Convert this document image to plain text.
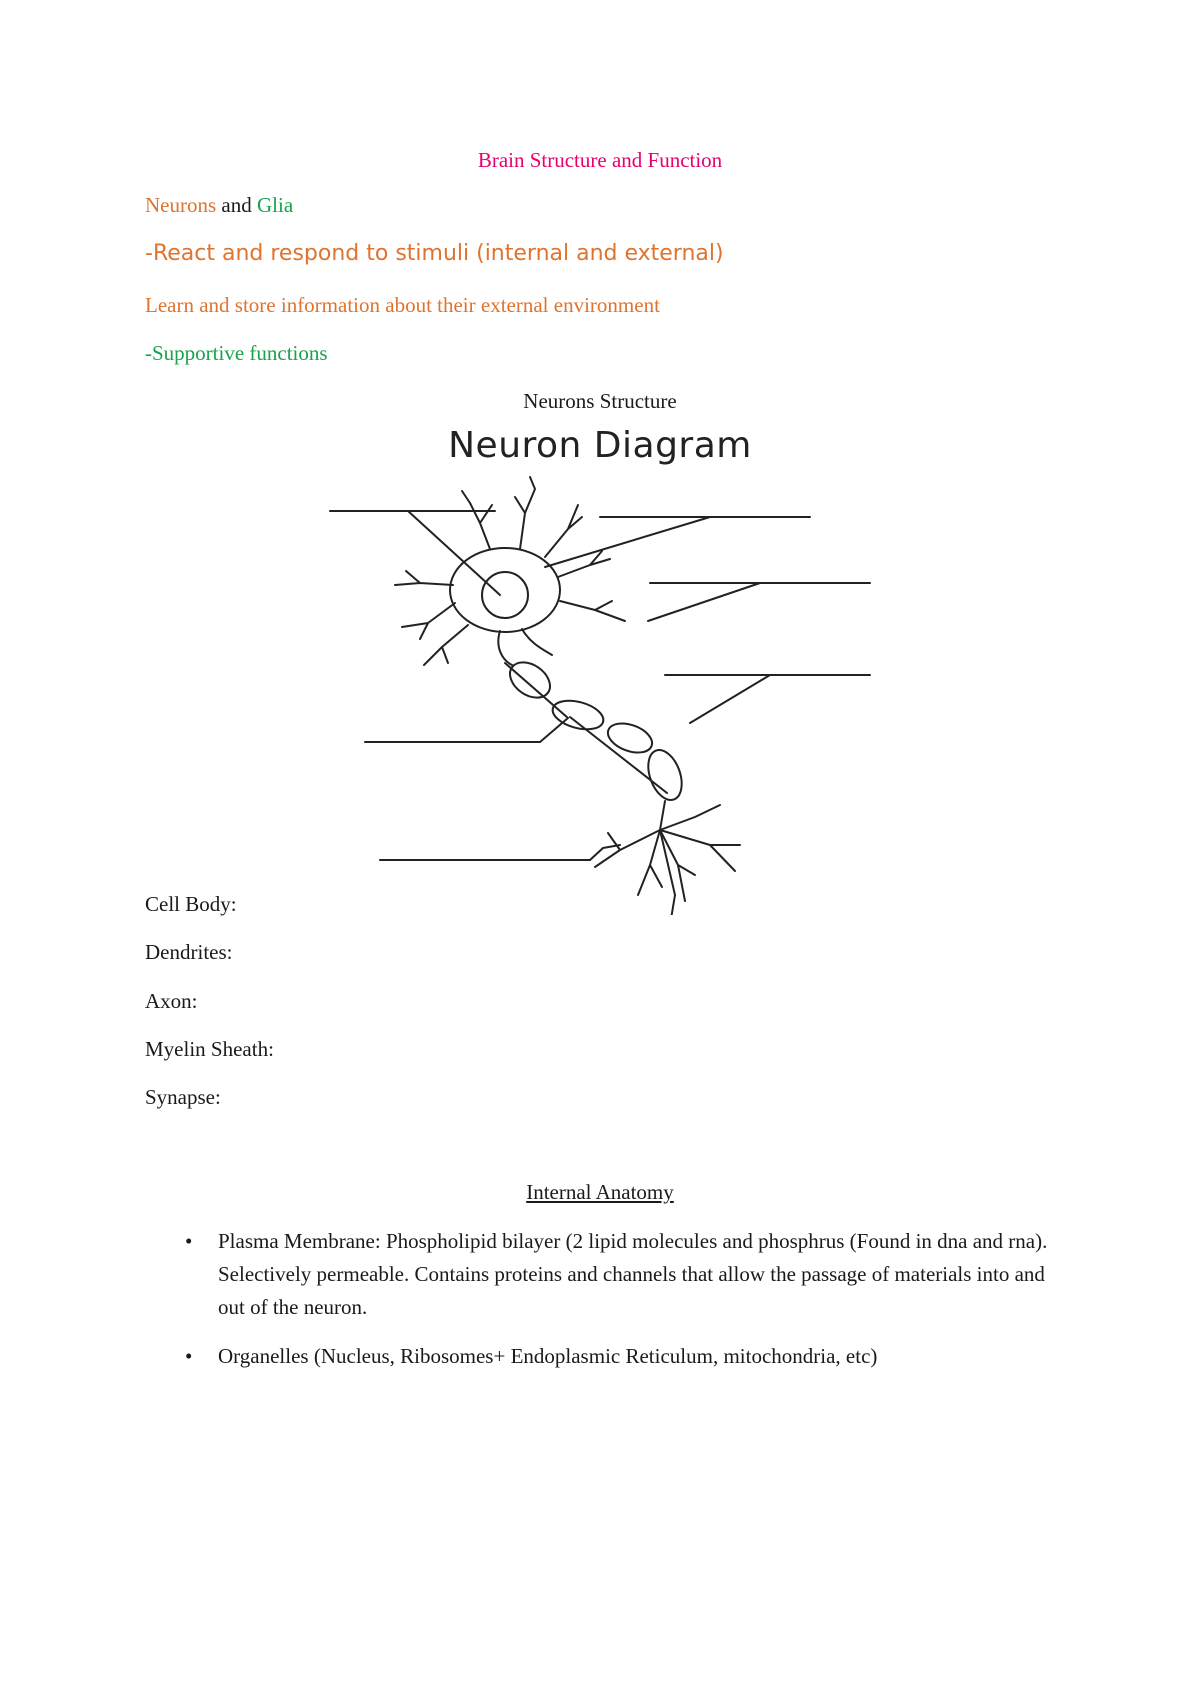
Brain Structure and Function
Neurons and Glia
-React and respond to stimuli (internal and external)
Learn and store information about their external environment
-Supportive functions
Neurons Structure
Neuron Diagram
Cell Body:
Dendrites:
Axon:
Myelin Sheath:
Synapse:
Internal Anatomy
• Plasma Membrane: Phospholipid bilayer (2 lipid molecules and phosphrus (Found in dna and rna). Selectively permeable. Contains proteins and channels that allow the passage of materials into and out of the neuron.
• Organelles (Nucleus, Ribosomes+ Endoplasmic Reticulum, mitochondria, etc)
